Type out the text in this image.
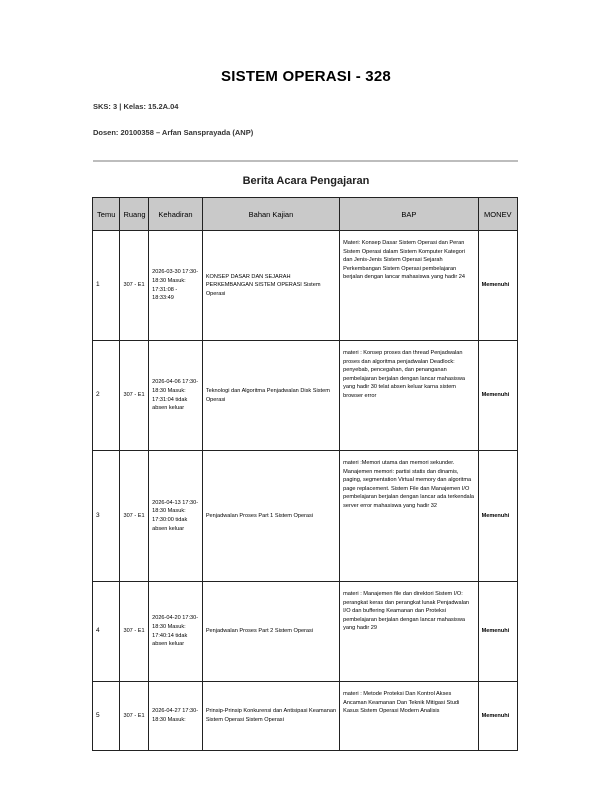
SISTEM OPERASI - 328
SKS: 3 | Kelas: 15.2A.04
Dosen: 20100358 – Arfan Sansprayada (ANP)
Berita Acara Pengajaran
Temu	Ruang	Kehadiran	Bahan Kajian	BAP	MONEV
1	307 - E1	2026-03-30 17:30-18:30 Masuk: 17:31:08 - 18:33:49	KONSEP DASAR DAN SEJARAH PERKEMBANGAN SISTEM OPERASI Sistem Operasi	Materi: Konsep Dasar Sistem Operasi dan Peran Sistem Operasi dalam Sistem Komputer Kategori dan Jenis-Jenis Sistem Operasi Sejarah Perkembangan Sistem Operasi pembelajaran berjalan dengan lancar mahasiswa yang hadir 24	Memenuhi
2	307 - E1	2026-04-06 17:30-18:30 Masuk: 17:31:04 tidak absen keluar	Teknologi dan Algoritma Penjadwalan Disk Sistem Operasi	materi : Konsep proses dan thread Penjadwalan proses dan algoritma penjadwalan Deadlock: penyebab, pencegahan, dan penanganan pembelajaran berjalan dengan lancar mahasiswa yang hadir 30 telat absen keluar karna sistem browser error	Memenuhi
3	307 - E1	2026-04-13 17:30-18:30 Masuk: 17:30:00 tidak absen keluar	Penjadwalan Proses Part 1 Sistem Operasi	materi :Memori utama dan memori sekunder. Manajemen memori: partisi statis dan dinamis, paging, segmentation Virtual memory dan algoritma page replacement. Sistem File dan Manajemen I/O pembelajaran berjalan dengan lancar ada terkendala server error mahasiswa yang hadir 32	Memenuhi
4	307 - E1	2026-04-20 17:30-18:30 Masuk: 17:40:14 tidak absen keluar	Penjadwalan Proses Part 2 Sistem Operasi	materi : Manajemen file dan direktori Sistem I/O: perangkat keras dan perangkat lunak Penjadwalan I/O dan buffering Keamanan dan Proteksi pembelajaran berjalan dengan lancar mahasiswa yang hadir 29	Memenuhi
5	307 - E1	2026-04-27 17:30-18:30 Masuk:	Prinsip-Prinsip Konkurensi dan Antisipasi Keamanan Sistem Operasi Sistem Operasi	materi : Metode Proteksi Dan Kontrol Akses Ancaman Keamanan Dan Teknik Mitigasi Studi Kasus Sistem Operasi Modern Analisis	Memenuhi
